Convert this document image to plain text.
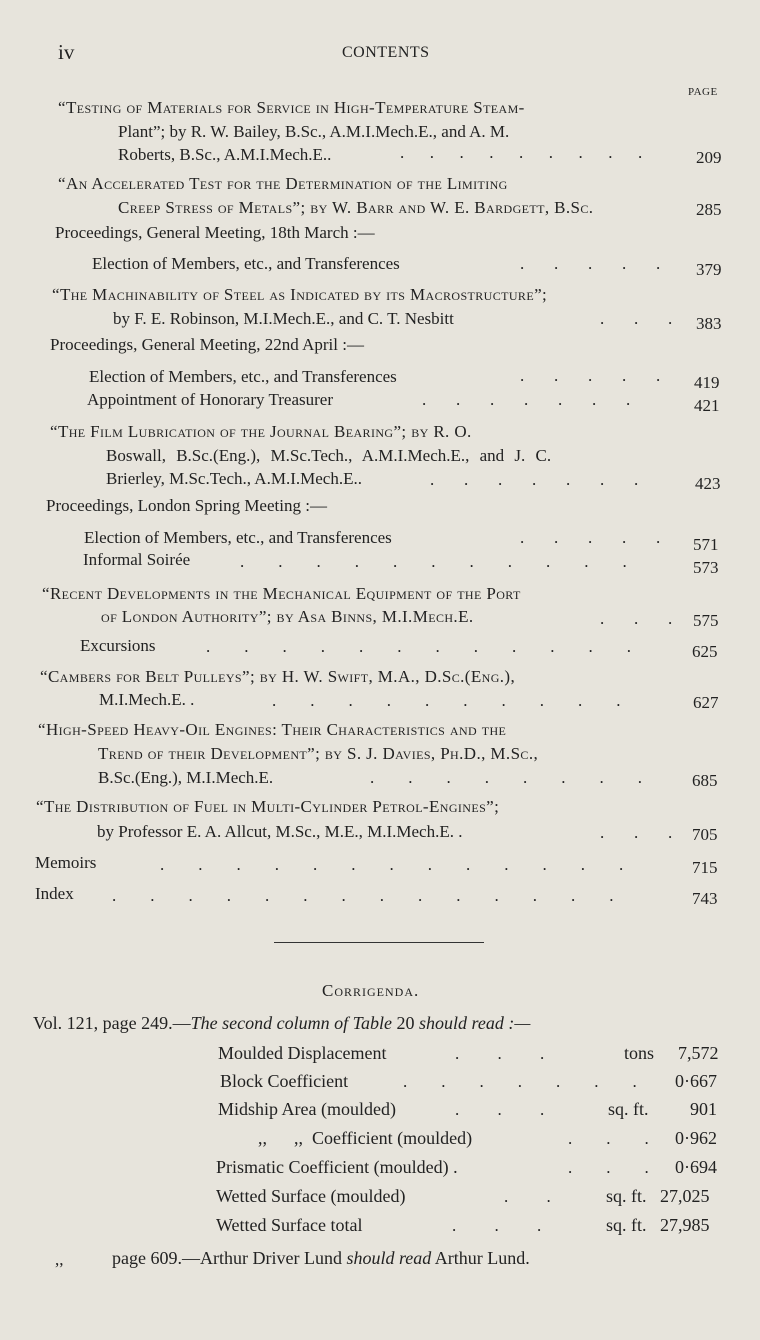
iv	CONTENTS
PAGE
“Testing of Materials for Service in High-Temperature Steam-
Plant”; by R. W. Bailey, B.Sc., A.M.I.Mech.E., and A. M.
Roberts, B.Sc., A.M.I.Mech.E..	.      .      .      .      .      .      .      .      .	209
“An Accelerated Test for the Determination of the Limiting
Creep Stress of Metals”; by W. Barr and W. E. Bardgett, B.Sc.	285
Proceedings, General Meeting, 18th March :—
Election of Members, etc., and Transferences	.       .       .       .       . 379
“The Machinability of Steel as Indicated by its Macrostructure”;
by F. E. Robinson, M.I.Mech.E., and C. T. Nesbitt	.       .       . 383
Proceedings, General Meeting, 22nd April :—
Election of Members, etc., and Transferences	.       .       .       .       . 419
Appointment of Honorary Treasurer	.       .       .       .       .       .       .	421
“The Film Lubrication of the Journal Bearing”; by R. O.
Boswall, B.Sc.(Eng.), M.Sc.Tech., A.M.I.Mech.E., and J. C.
Brierley, M.Sc.Tech., A.M.I.Mech.E..	.       .       .       .       .       .       .	423
Proceedings, London Spring Meeting :—
Election of Members, etc., and Transferences	.       .       .       .       . 571
Informal Soirée	.        .        .        .        .        .        .        .        .        .        .	573
“Recent Developments in the Mechanical Equipment of the Port
of London Authority”; by Asa Binns, M.I.Mech.E.	.       .       . 575
Excursions	.        .        .        .        .        .        .        .        .        .        .        .	625
“Cambers for Belt Pulleys”; by H. W. Swift, M.A., D.Sc.(Eng.),
M.I.Mech.E. .	.        .        .        .        .        .        .        .        .        .	627
“High-Speed Heavy-Oil Engines: Their Characteristics and the
Trend of their Development”; by S. J. Davies, Ph.D., M.Sc.,
B.Sc.(Eng.), M.I.Mech.E.	.        .        .        .        .        .        .        .	685
“The Distribution of Fuel in Multi-Cylinder Petrol-Engines”;
by Professor E. A. Allcut, M.Sc., M.E., M.I.Mech.E. .	.       .       . 705
Memoirs	.        .        .        .        .        .        .        .        .        .        .        .        .	715
Index .        .        .        .        .        .        .        .        .        .        .        .        .        .	743
Corrigenda.
Vol. 121, page 249.—The second column of Table 20 should read :—
Moulded Displacement	.         .         .	tons 7,572
Block Coefficient	.        .        .        .        .        .        . 0·667
Midship Area (moulded)	.         .         .	sq. ft. 901
,,      ,,  Coefficient (moulded)	.        .        . 0·962
Prismatic Coefficient (moulded) .	.        .        . 0·694
Wetted Surface (moulded)	.         .	sq. ft. 27,025
Wetted Surface total	.         .         .	sq. ft. 27,985
,,	page 609.—Arthur Driver Lund should read Arthur Lund.
